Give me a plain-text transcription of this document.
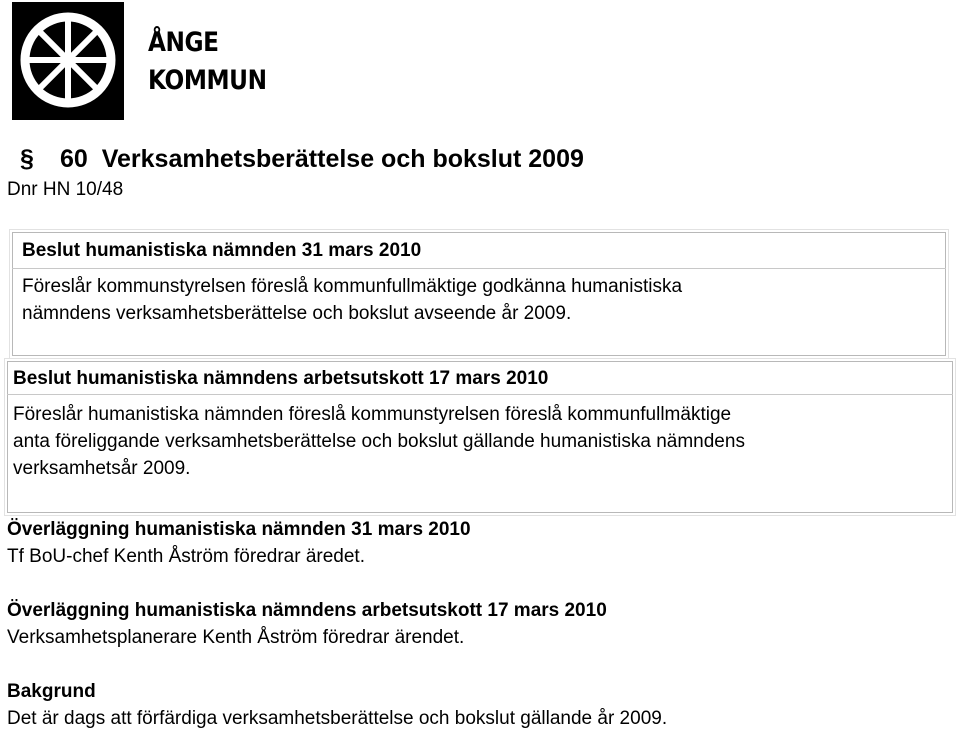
ÅNGE
KOMMUN
§ 60 Verksamhetsberättelse och bokslut 2009
Dnr HN 10/48
Beslut humanistiska nämnden 31 mars 2010
Föreslår kommunstyrelsen föreslå kommunfullmäktige godkänna humanistiska
nämndens verksamhetsberättelse och bokslut avseende år 2009.
Beslut humanistiska nämndens arbetsutskott 17 mars 2010
Föreslår humanistiska nämnden föreslå kommunstyrelsen föreslå kommunfullmäktige
anta föreliggande verksamhetsberättelse och bokslut gällande humanistiska nämndens
verksamhetsår 2009.
Överläggning humanistiska nämnden 31 mars 2010
Tf BoU-chef Kenth Åström föredrar äredet.
Överläggning humanistiska nämndens arbetsutskott 17 mars 2010
Verksamhetsplanerare Kenth Åström föredrar ärendet.
Bakgrund
Det är dags att förfärdiga verksamhetsberättelse och bokslut gällande år 2009.
